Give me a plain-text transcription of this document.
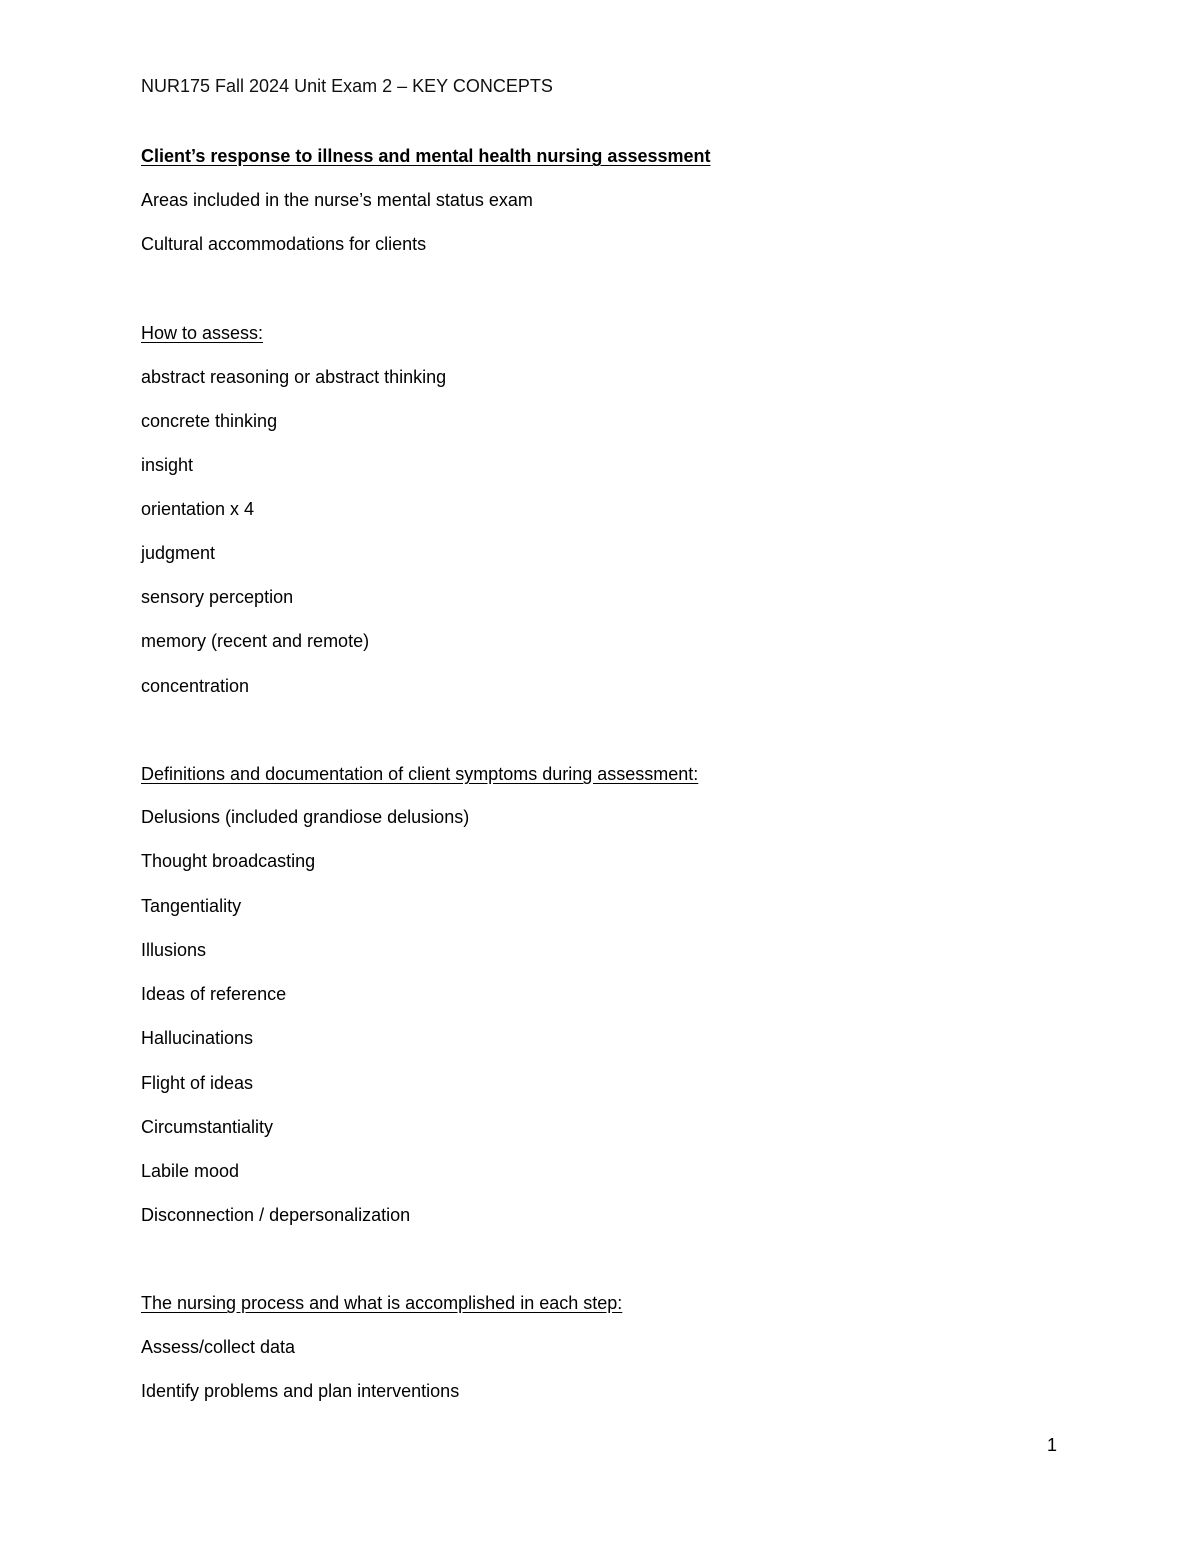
NUR175 Fall 2024 Unit Exam 2 – KEY CONCEPTS
Client’s response to illness and mental health nursing assessment
Areas included in the nurse’s mental status exam
Cultural accommodations for clients
How to assess:
abstract reasoning or abstract thinking
concrete thinking
insight
orientation x 4
judgment
sensory perception
memory (recent and remote)
concentration
Definitions and documentation of client symptoms during assessment:
Delusions (included grandiose delusions)
Thought broadcasting
Tangentiality
Illusions
Ideas of reference
Hallucinations
Flight of ideas
Circumstantiality
Labile mood
Disconnection / depersonalization
The nursing process and what is accomplished in each step:
Assess/collect data
Identify problems and plan interventions
1
